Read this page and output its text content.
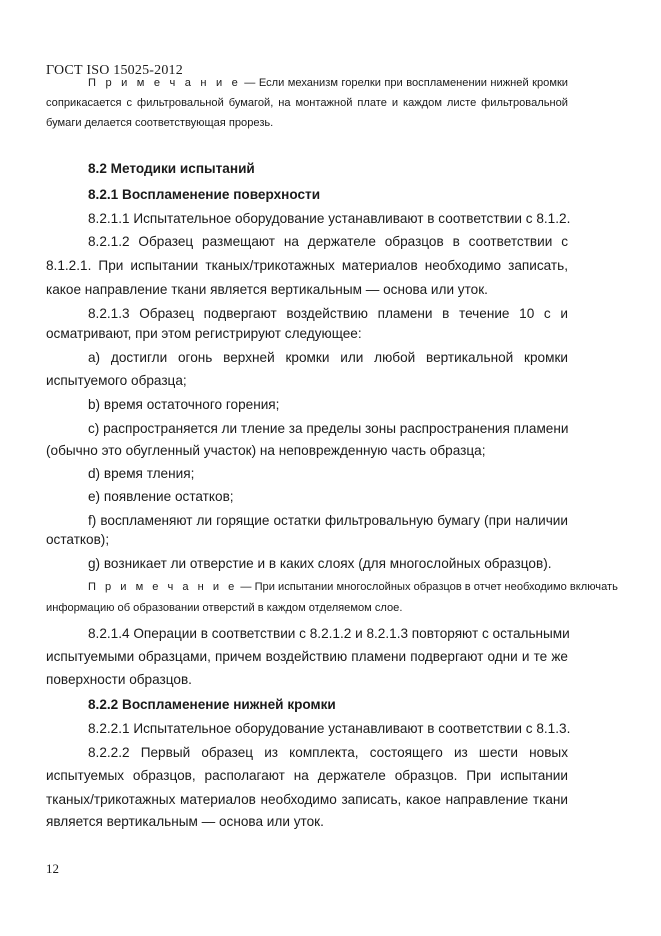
ГОСТ ISO 15025-2012
П р и м е ч а н и е — Если механизм горелки при воспламенении нижней кромки
соприкасается с фильтровальной бумагой, на монтажной плате и каждом листе фильтровальной
бумаги делается соответствующая прорезь.
8.2 Методики испытаний
8.2.1 Воспламенение поверхности
8.2.1.1 Испытательное оборудование устанавливают в соответствии с 8.1.2.
8.2.1.2 Образец размещают на держателе образцов в соответствии с
8.1.2.1. При испытании тканых/трикотажных материалов необходимо записать,
какое направление ткани является вертикальным — основа или уток.
8.2.1.3 Образец подвергают воздействию пламени в течение 10 с и
осматривают, при этом регистрируют следующее:
a) достигли огонь верхней кромки или любой вертикальной кромки
испытуемого образца;
b) время остаточного горения;
c) распространяется ли тление за пределы зоны распространения пламени
(обычно это обугленный участок) на неповрежденную часть образца;
d) время тления;
e) появление остатков;
f) воспламеняют ли горящие остатки фильтровальную бумагу (при наличии
остатков);
g) возникает ли отверстие и в каких слоях (для многослойных образцов).
П р и м е ч а н и е — При испытании многослойных образцов в отчет необходимо включать
информацию об образовании отверстий в каждом отделяемом слое.
8.2.1.4 Операции в соответствии с 8.2.1.2 и 8.2.1.3 повторяют с остальными
испытуемыми образцами, причем воздействию пламени подвергают одни и те же
поверхности образцов.
8.2.2 Воспламенение нижней кромки
8.2.2.1 Испытательное оборудование устанавливают в соответствии с 8.1.3.
8.2.2.2 Первый образец из комплекта, состоящего из шести новых
испытуемых образцов, располагают на держателе образцов. При испытании
тканых/трикотажных материалов необходимо записать, какое направление ткани
является вертикальным — основа или уток.
12
